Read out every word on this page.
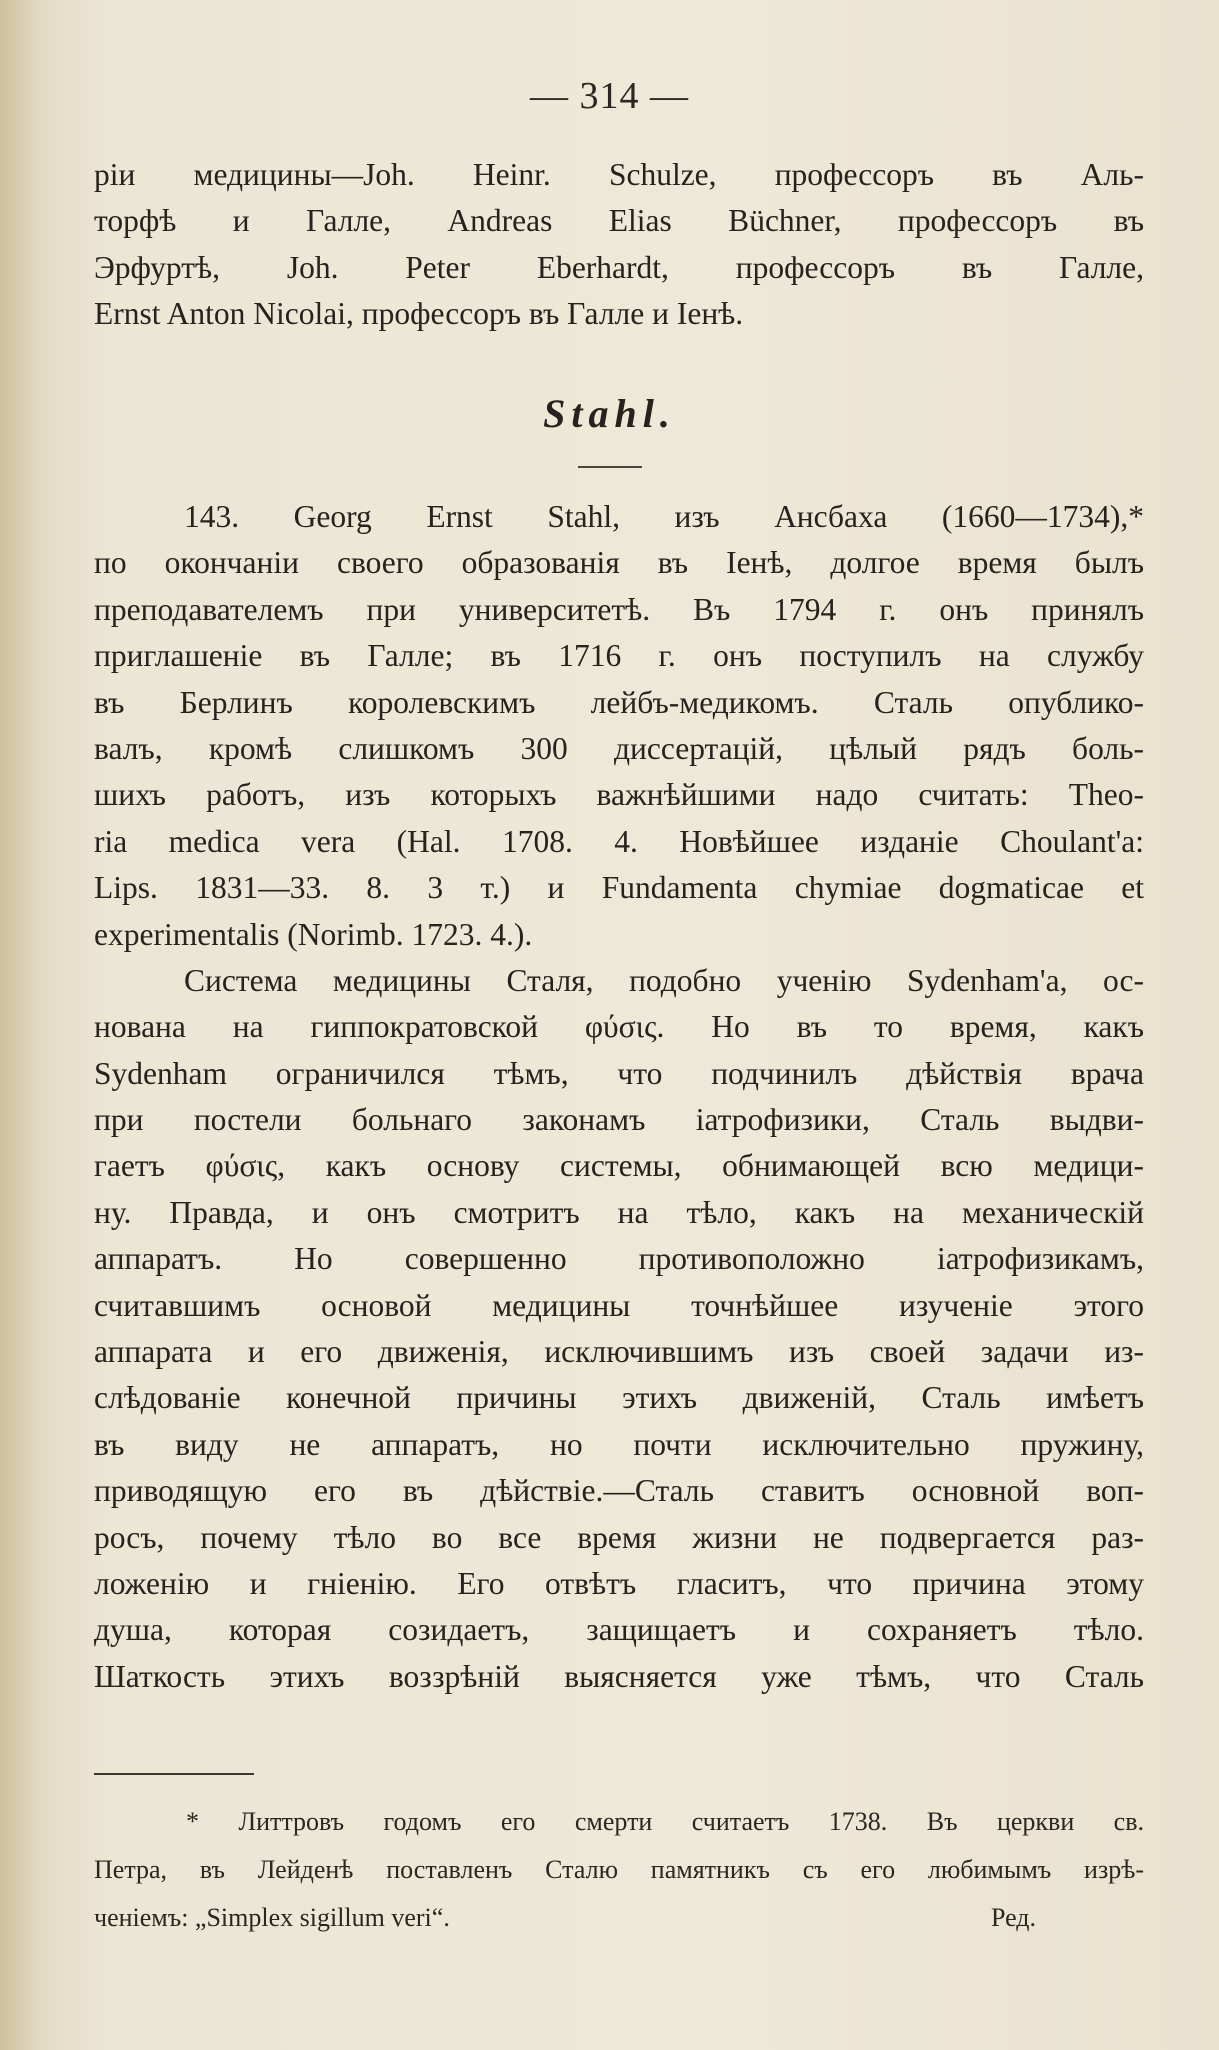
— 314 —
рiи медицины—Joh. Heinr. Schulze, профессоръ въ Аль-
торфѣ и Галле, Andreas Elias Büchner, профессоръ въ
Эрфуртѣ, Joh. Peter Eberhardt, профессоръ въ Галле,
Ernst Anton Nicolai, профессоръ въ Галле и Iенѣ.
Stahl.
143. Georg Ernst Stahl, изъ Ансбаха (1660—1734),*
по окончанiи своего образованiя въ Iенѣ, долгое время былъ
преподавателемъ при университетѣ. Въ 1794 г. онъ принялъ
приглашенiе въ Галле; въ 1716 г. онъ поступилъ на службу
въ Берлинъ королевскимъ лейбъ-медикомъ. Сталь опублико-
валъ, кромѣ слишкомъ 300 диссертацiй, цѣлый рядъ боль-
шихъ работъ, изъ которыхъ важнѣйшими надо считать: Theo-
ria medica vera (Hal. 1708. 4. Новѣйшее изданiе Choulant'a:
Lips. 1831—33. 8. 3 т.) и Fundamenta chymiae dogmaticae et
experimentalis (Norimb. 1723. 4.).
Система медицины Сталя, подобно ученiю Sydenham'a, ос-
нована на гиппократовской φύσις. Но въ то время, какъ
Sydenham ограничился тѣмъ, что подчинилъ дѣйствiя врача
при постели больнаго законамъ iатрофизики, Сталь выдви-
гаетъ φύσις, какъ основу системы, обнимающей всю медици-
ну. Правда, и онъ смотритъ на тѣло, какъ на механическiй
аппаратъ. Но совершенно противоположно iатрофизикамъ,
считавшимъ основой медицины точнѣйшее изученiе этого
аппарата и его движенiя, исключившимъ изъ своей задачи из-
слѣдованiе конечной причины этихъ движенiй, Сталь имѣетъ
въ виду не аппаратъ, но почти исключительно пружину,
приводящую его въ дѣйствiе.—Сталь ставитъ основной воп-
росъ, почему тѣло во все время жизни не подвергается раз-
ложенiю и гнiенiю. Его отвѣтъ гласитъ, что причина этому
душа, которая созидаетъ, защищаетъ и сохраняетъ тѣло.
Шаткость этихъ воззрѣнiй выясняется уже тѣмъ, что Сталь
* Литтровъ годомъ его смерти считаетъ 1738. Въ церкви св.
Петра, въ Лейденѣ поставленъ Сталю памятникъ съ его любимымъ изрѣ-
ченiемъ: „Simplex sigillum veri“.	Ред.
